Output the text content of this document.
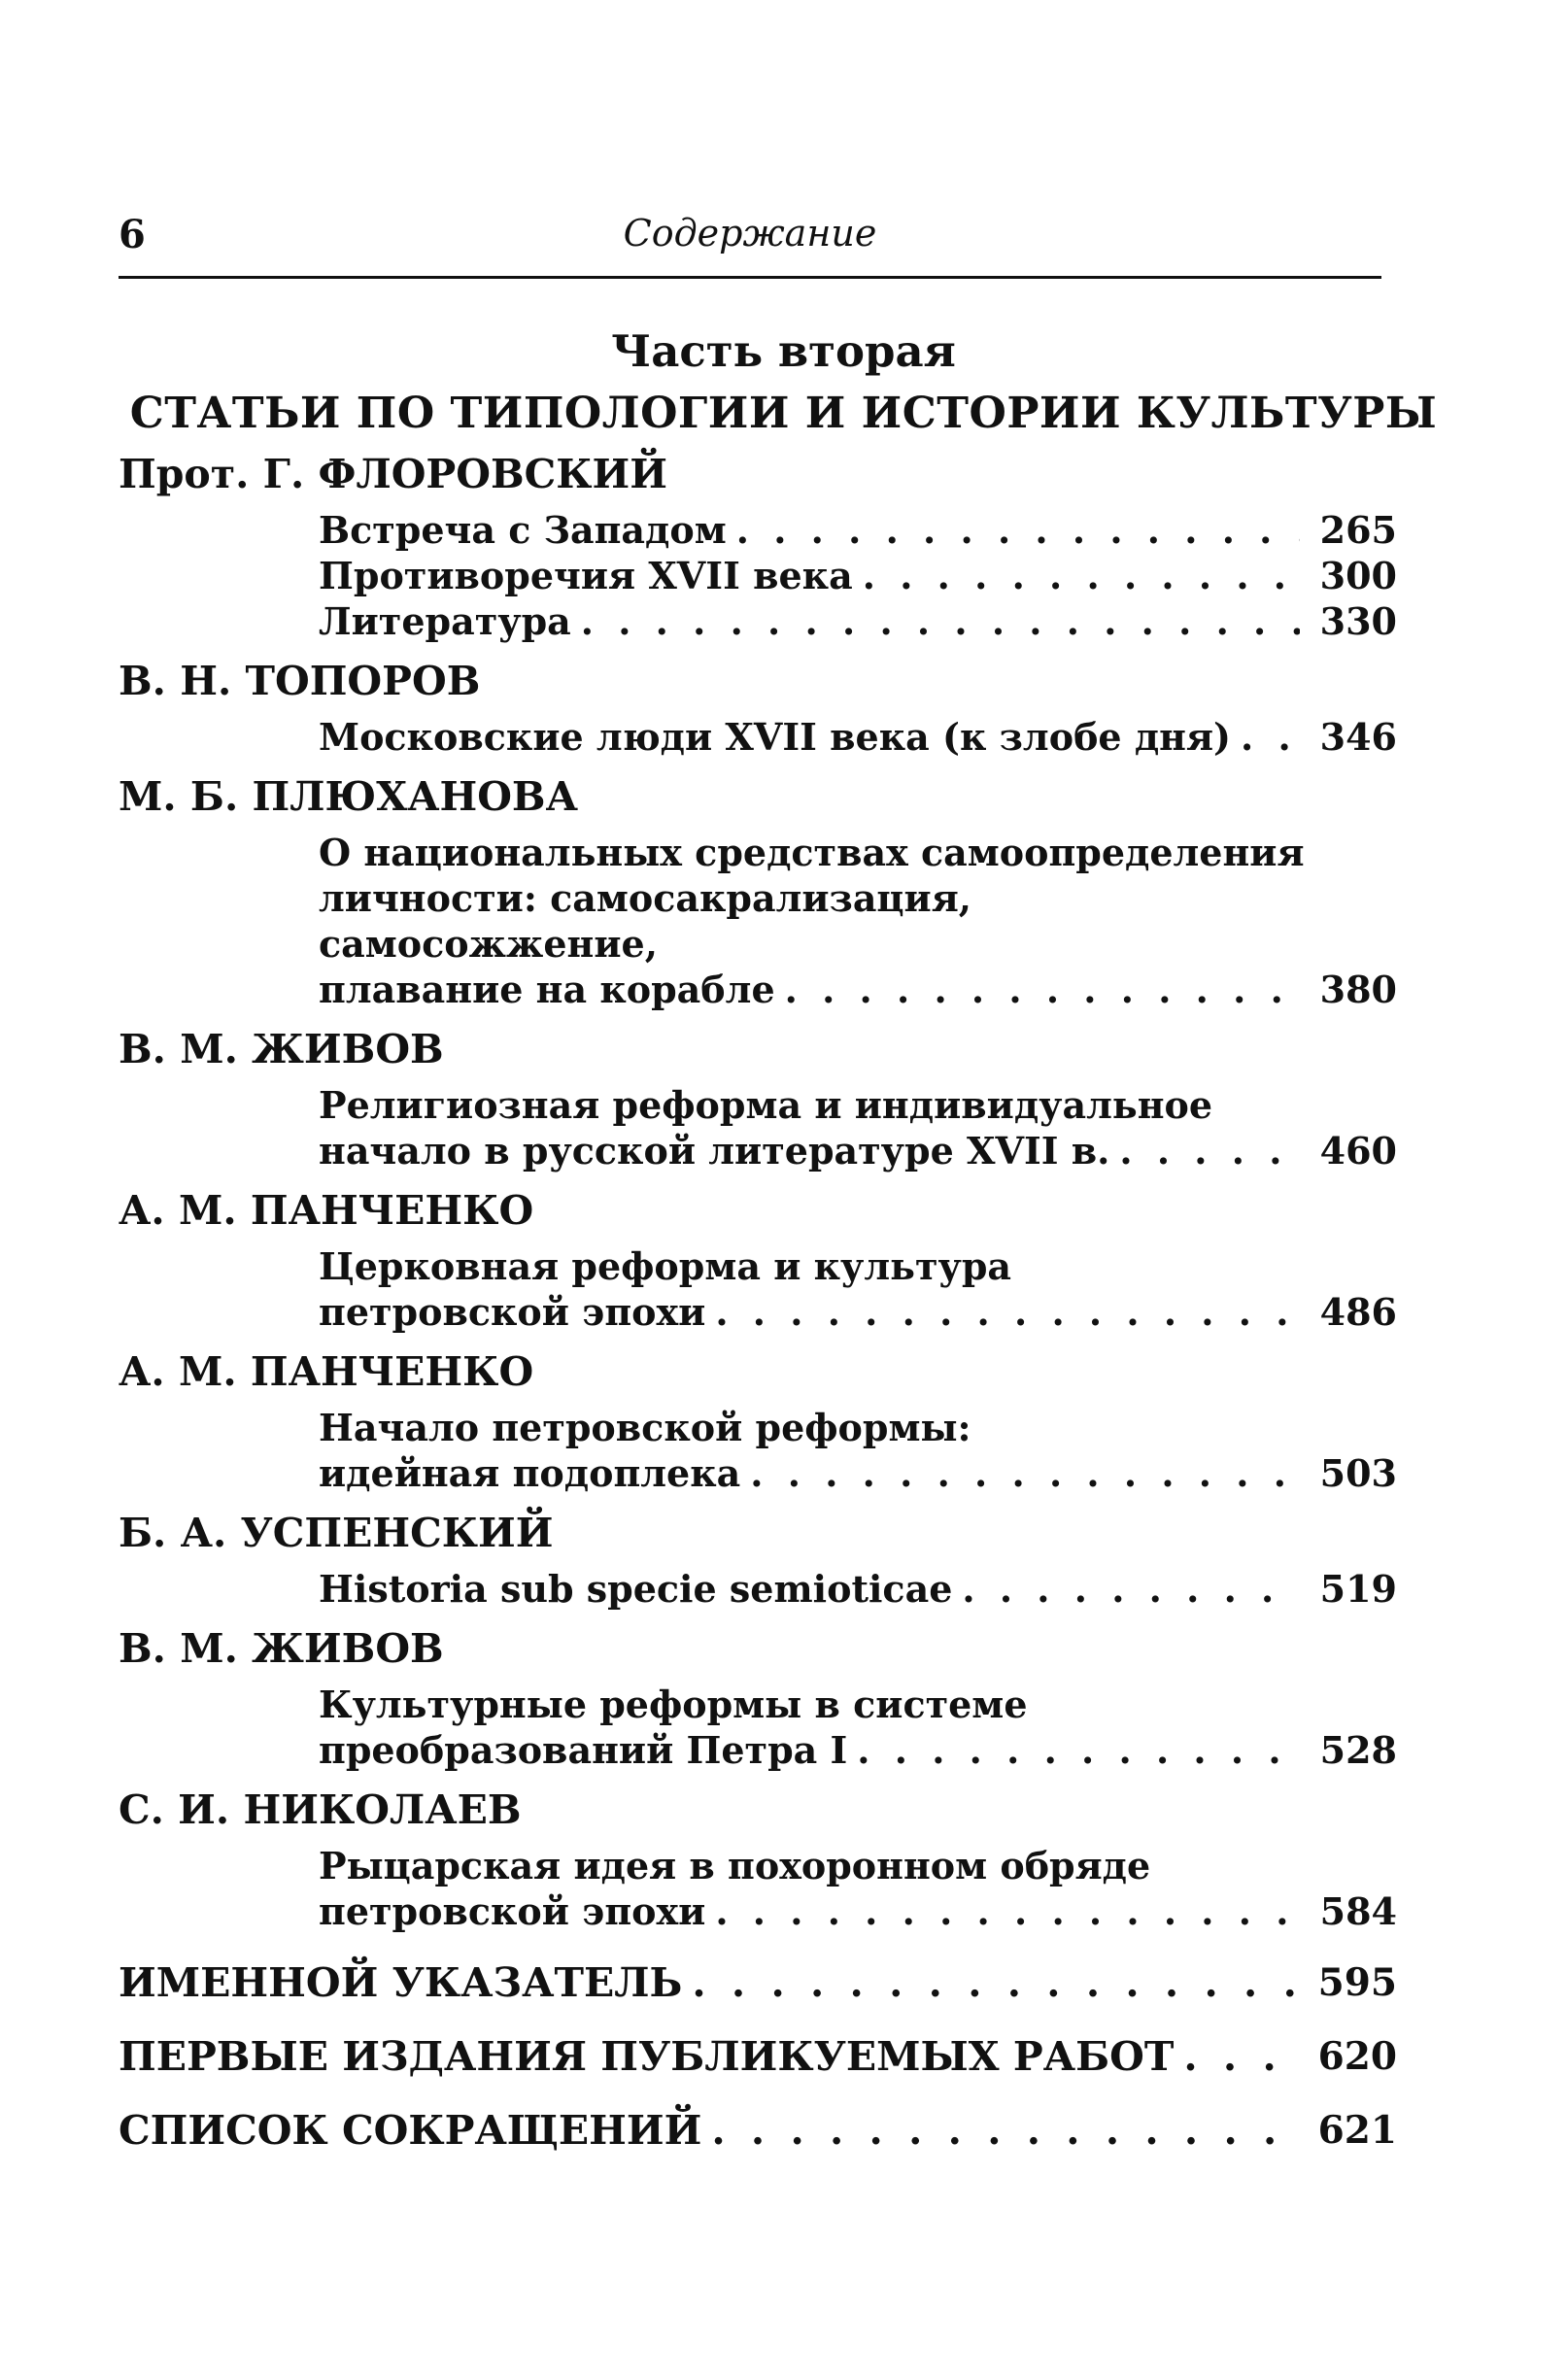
6	Содержание
Часть вторая
СТАТЬИ ПО ТИПОЛОГИИ И ИСТОРИИ КУЛЬТУРЫ
Прот. Г. ФЛОРОВСКИЙ
Встреча с Западом . . .	265
Противоречия XVII века . . .	300
Литература . . .	330
В. Н. ТОПОРОВ
Московские люди XVII века (к злобе дня) . . . 346
М. Б. ПЛЮХАНОВА
О национальных средствах самоопределения
личности: самосакрализация, самосожжение,
плавание на корабле . . .	380
В. М. ЖИВОВ
Религиозная реформа и индивидуальное
начало в русской литературе XVII в. . . .	460
А. М. ПАНЧЕНКО
Церковная реформа и культура
петровской эпохи . . .	486
А. М. ПАНЧЕНКО
Начало петровской реформы:
идейная подоплека . . .	503
Б. А. УСПЕНСКИЙ
Historia sub specie semioticae . . .	519
В. М. ЖИВОВ
Культурные реформы в системе
преобразований Петра I . . .	528
С. И. НИКОЛАЕВ
Рыцарская идея в похоронном обряде
петровской эпохи . . .	584
ИМЕННОЙ УКАЗАТЕЛЬ . . .	595
ПЕРВЫЕ ИЗДАНИЯ ПУБЛИКУЕМЫХ РАБОТ . . .	620
СПИСОК СОКРАЩЕНИЙ . . .	621
